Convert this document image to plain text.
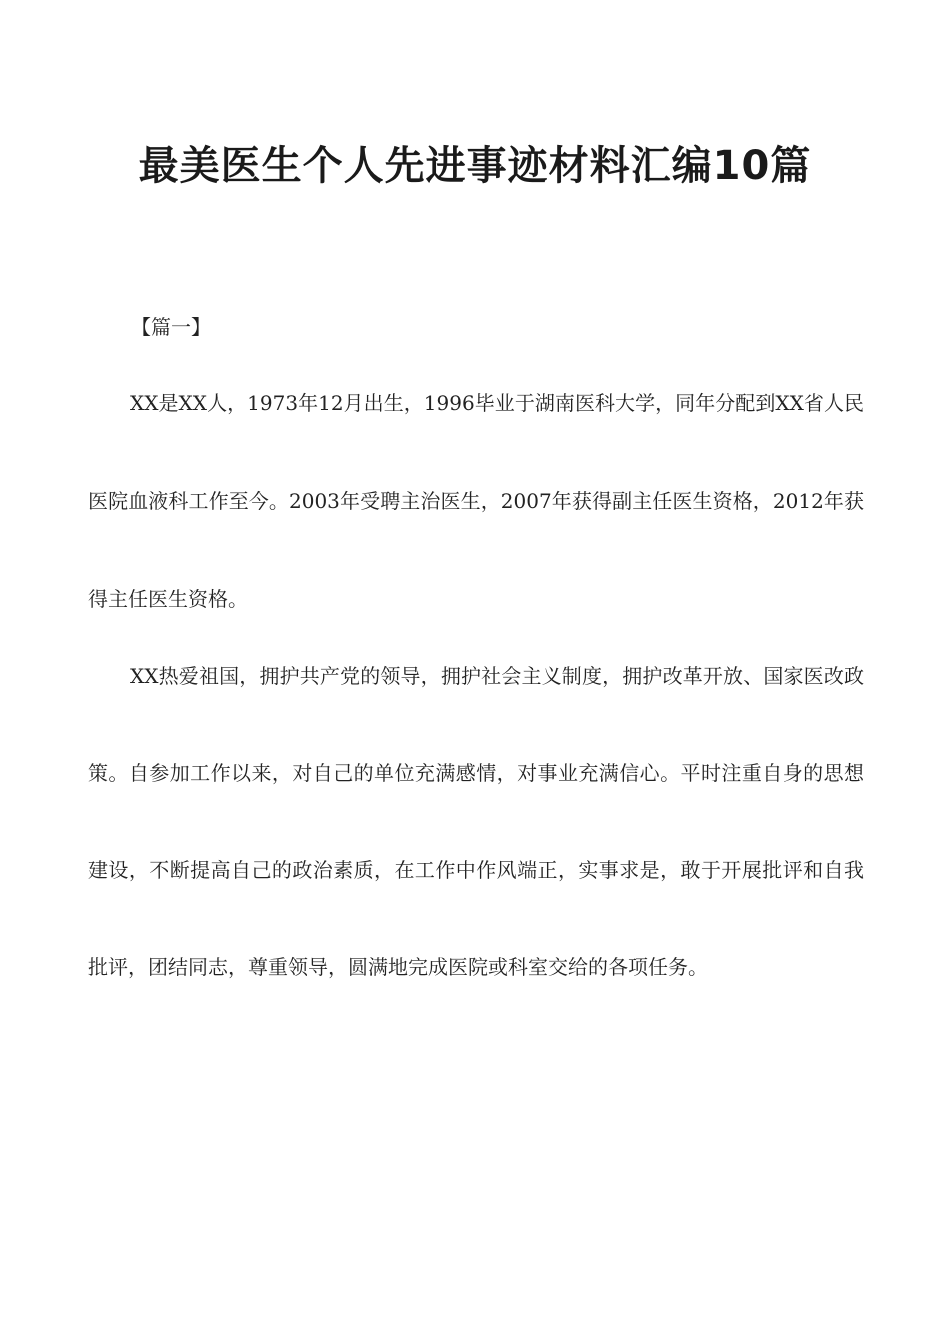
最美医生个人先进事迹材料汇编10篇

【篇一】

XX是XX人，1973年12月出生，1996毕业于湖南医科大学，同年分配到XX省人民医院血液科工作至今。2003年受聘主治医生，2007年获得副主任医生资格，2012年获得主任医生资格。

XX热爱祖国，拥护共产党的领导，拥护社会主义制度，拥护改革开放、国家医改政策。自参加工作以来，对自己的单位充满感情，对事业充满信心。平时注重自身的思想建设，不断提高自己的政治素质，在工作中作风端正，实事求是，敢于开展批评和自我批评，团结同志，尊重领导，圆满地完成医院或科室交给的各项任务。
